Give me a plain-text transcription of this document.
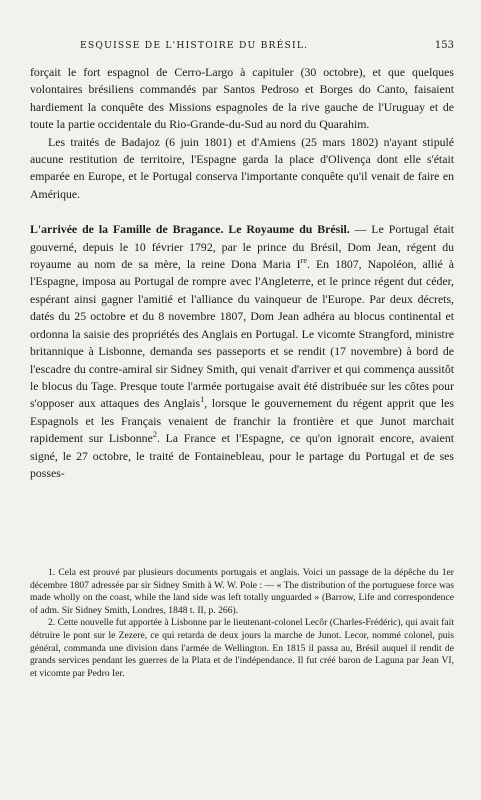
ESQUISSE DE L'HISTOIRE DU BRÉSIL.	153

forçait le fort espagnol de Cerro-Largo à capituler (30 octobre), et que quelques volontaires brésiliens commandés par Santos Pedroso et Borges do Canto, faisaient hardiement la conquête des Missions espagnoles de la rive gauche de l'Uruguay et de toute la partie occidentale du Rio-Grande-du-Sud au nord du Quarahim.

Les traités de Badajoz (6 juin 1801) et d'Amiens (25 mars 1802) n'ayant stipulé aucune restitution de territoire, l'Espagne garda la place d'Olivença dont elle s'était emparée en Europe, et le Portugal conserva l'importante conquête qu'il venait de faire en Amérique.

L'arrivée de la Famille de Bragance. Le Royaume du Brésil. — Le Portugal était gouverné, depuis le 10 février 1792, par le prince du Brésil, Dom Jean, régent du royaume au nom de sa mère, la reine Dona Maria Ire. En 1807, Napoléon, allié à l'Espagne, imposa au Portugal de rompre avec l'Angleterre, et le prince régent dut céder, espérant ainsi gagner l'amitié et l'alliance du vainqueur de l'Europe. Par deux décrets, datés du 25 octobre et du 8 novembre 1807, Dom Jean adhéra au blocus continental et ordonna la saisie des propriétés des Anglais en Portugal. Le vicomte Strangford, ministre britannique à Lisbonne, demanda ses passeports et se rendit (17 novembre) à bord de l'escadre du contre-amiral sir Sidney Smith, qui venait d'arriver et qui commença aussitôt le blocus du Tage. Presque toute l'armée portugaise avait été distribuée sur les côtes pour s'opposer aux attaques des Anglais$^1$, lorsque le gouvernement du régent apprit que les Espagnols et les Français venaient de franchir la frontière et que Junot marchait rapidement sur Lisbonne$^2$. La France et l'Espagne, ce qu'on ignorait encore, avaient signé, le 27 octobre, le traité de Fontainebleau, pour le partage du Portugal et de ses posses-

1. Cela est prouvé par plusieurs documents portugais et anglais. Voici un passage de la dépêche du 1er décembre 1807 adressée par sir Sidney Smith à W. W. Pole : — « The distribution of the portuguese force was made wholly on the coast, while the land side was left totally unguarded » (Barrow, Life and correspondence of adm. Sir Sidney Smith, Londres, 1848 t. II, p. 266).

2. Cette nouvelle fut apportée à Lisbonne par le lieutenant-colonel Lecôr (Charles-Frédéric), qui avait fait détruire le pont sur le Zezere, ce qui retarda de deux jours la marche de Junot. Lecor, nommé colonel, puis général, commanda une division dans l'armée de Wellington. En 1815 il passa au, Brésil auquel il rendit de grands services pendant les guerres de la Plata et de l'indépendance. Il fut créé baron de Laguna par Jean VI, et vicomte par Pedro Ier.
